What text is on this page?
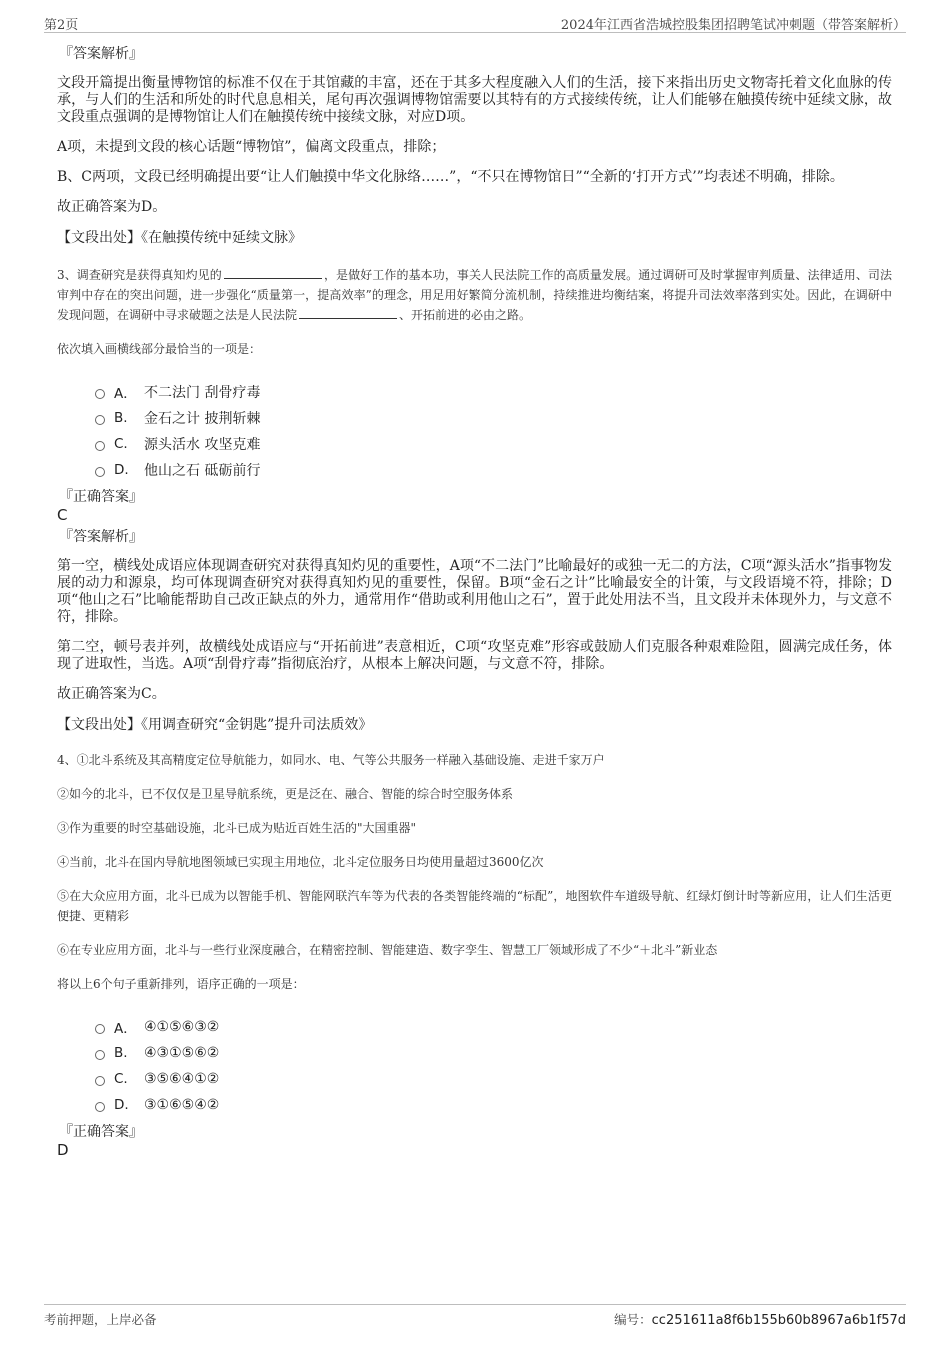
第2页	2024年江西省浩城控股集团招聘笔试冲刺题（带答案解析）
『答案解析』
文段开篇提出衡量博物馆的标准不仅在于其馆藏的丰富，还在于其多大程度融入人们的生活，接下来指出历史文物寄托着文化血脉的传承，与人们的生活和所处的时代息息相关，尾句再次强调博物馆需要以其特有的方式接续传统，让人们能够在触摸传统中延续文脉，故文段重点强调的是博物馆让人们在触摸传统中接续文脉，对应D项。
A项，未提到文段的核心话题“博物馆”，偏离文段重点，排除；
B、C两项，文段已经明确提出要“让人们触摸中华文化脉络……”，“不只在博物馆日”“全新的‘打开方式’”均表述不明确，排除。
故正确答案为D。
【文段出处】《在触摸传统中延续文脉》
3、调查研究是获得真知灼见的	，是做好工作的基本功，事关人民法院工作的高质量发展。通过调研可及时掌握审判质量、法律适用、司法审判中存在的突出问题，进一步强化“质量第一，提高效率”的理念，用足用好繁简分流机制，持续推进均衡结案，将提升司法效率落到实处。因此，在调研中发现问题，在调研中寻求破题之法是人民法院	、开拓前进的必由之路。
依次填入画横线部分最恰当的一项是：
A． 不二法门 刮骨疗毒
B.	金石之计 披荆斩棘
C.	源头活水 攻坚克难
D.	他山之石 砥砺前行
『正确答案』
C
『答案解析』
第一空，横线处成语应体现调查研究对获得真知灼见的重要性，A项“不二法门”比喻最好的或独一无二的方法，C项“源头活水”指事物发展的动力和源泉，均可体现调查研究对获得真知灼见的重要性，保留。B项“金石之计”比喻最安全的计策，与文段语境不符，排除；D项“他山之石”比喻能帮助自己改正缺点的外力，通常用作“借助或利用他山之石”，置于此处用法不当，且文段并未体现外力，与文意不符，排除。
第二空，顿号表并列，故横线处成语应与“开拓前进”表意相近，C项“攻坚克难”形容或鼓励人们克服各种艰难险阻，圆满完成任务，体现了进取性，当选。A项“刮骨疗毒”指彻底治疗，从根本上解决问题，与文意不符，排除。
故正确答案为C。
【文段出处】《用调查研究“金钥匙”提升司法质效》
4、①北斗系统及其高精度定位导航能力，如同水、电、气等公共服务一样融入基础设施、走进千家万户
②如今的北斗，已不仅仅是卫星导航系统，更是泛在、融合、智能的综合时空服务体系
③作为重要的时空基础设施，北斗已成为贴近百姓生活的"大国重器"
④当前，北斗在国内导航地图领域已实现主用地位，北斗定位服务日均使用量超过3600亿次
⑤在大众应用方面，北斗已成为以智能手机、智能网联汽车等为代表的各类智能终端的“标配”，地图软件车道级导航、红绿灯倒计时等新应用，让人们生活更便捷、更精彩
⑥在专业应用方面，北斗与一些行业深度融合，在精密控制、智能建造、数字孪生、智慧工厂领域形成了不少“＋北斗”新业态
将以上6个句子重新排列，语序正确的一项是：
A． ④①⑤⑥③②
B.	④③①⑤⑥②
C.	③⑤⑥④①②
D.	③①⑥⑤④②
『正确答案』
D
考前押题，上岸必备	编号：cc251611a8f6b155b60b8967a6b1f57d
